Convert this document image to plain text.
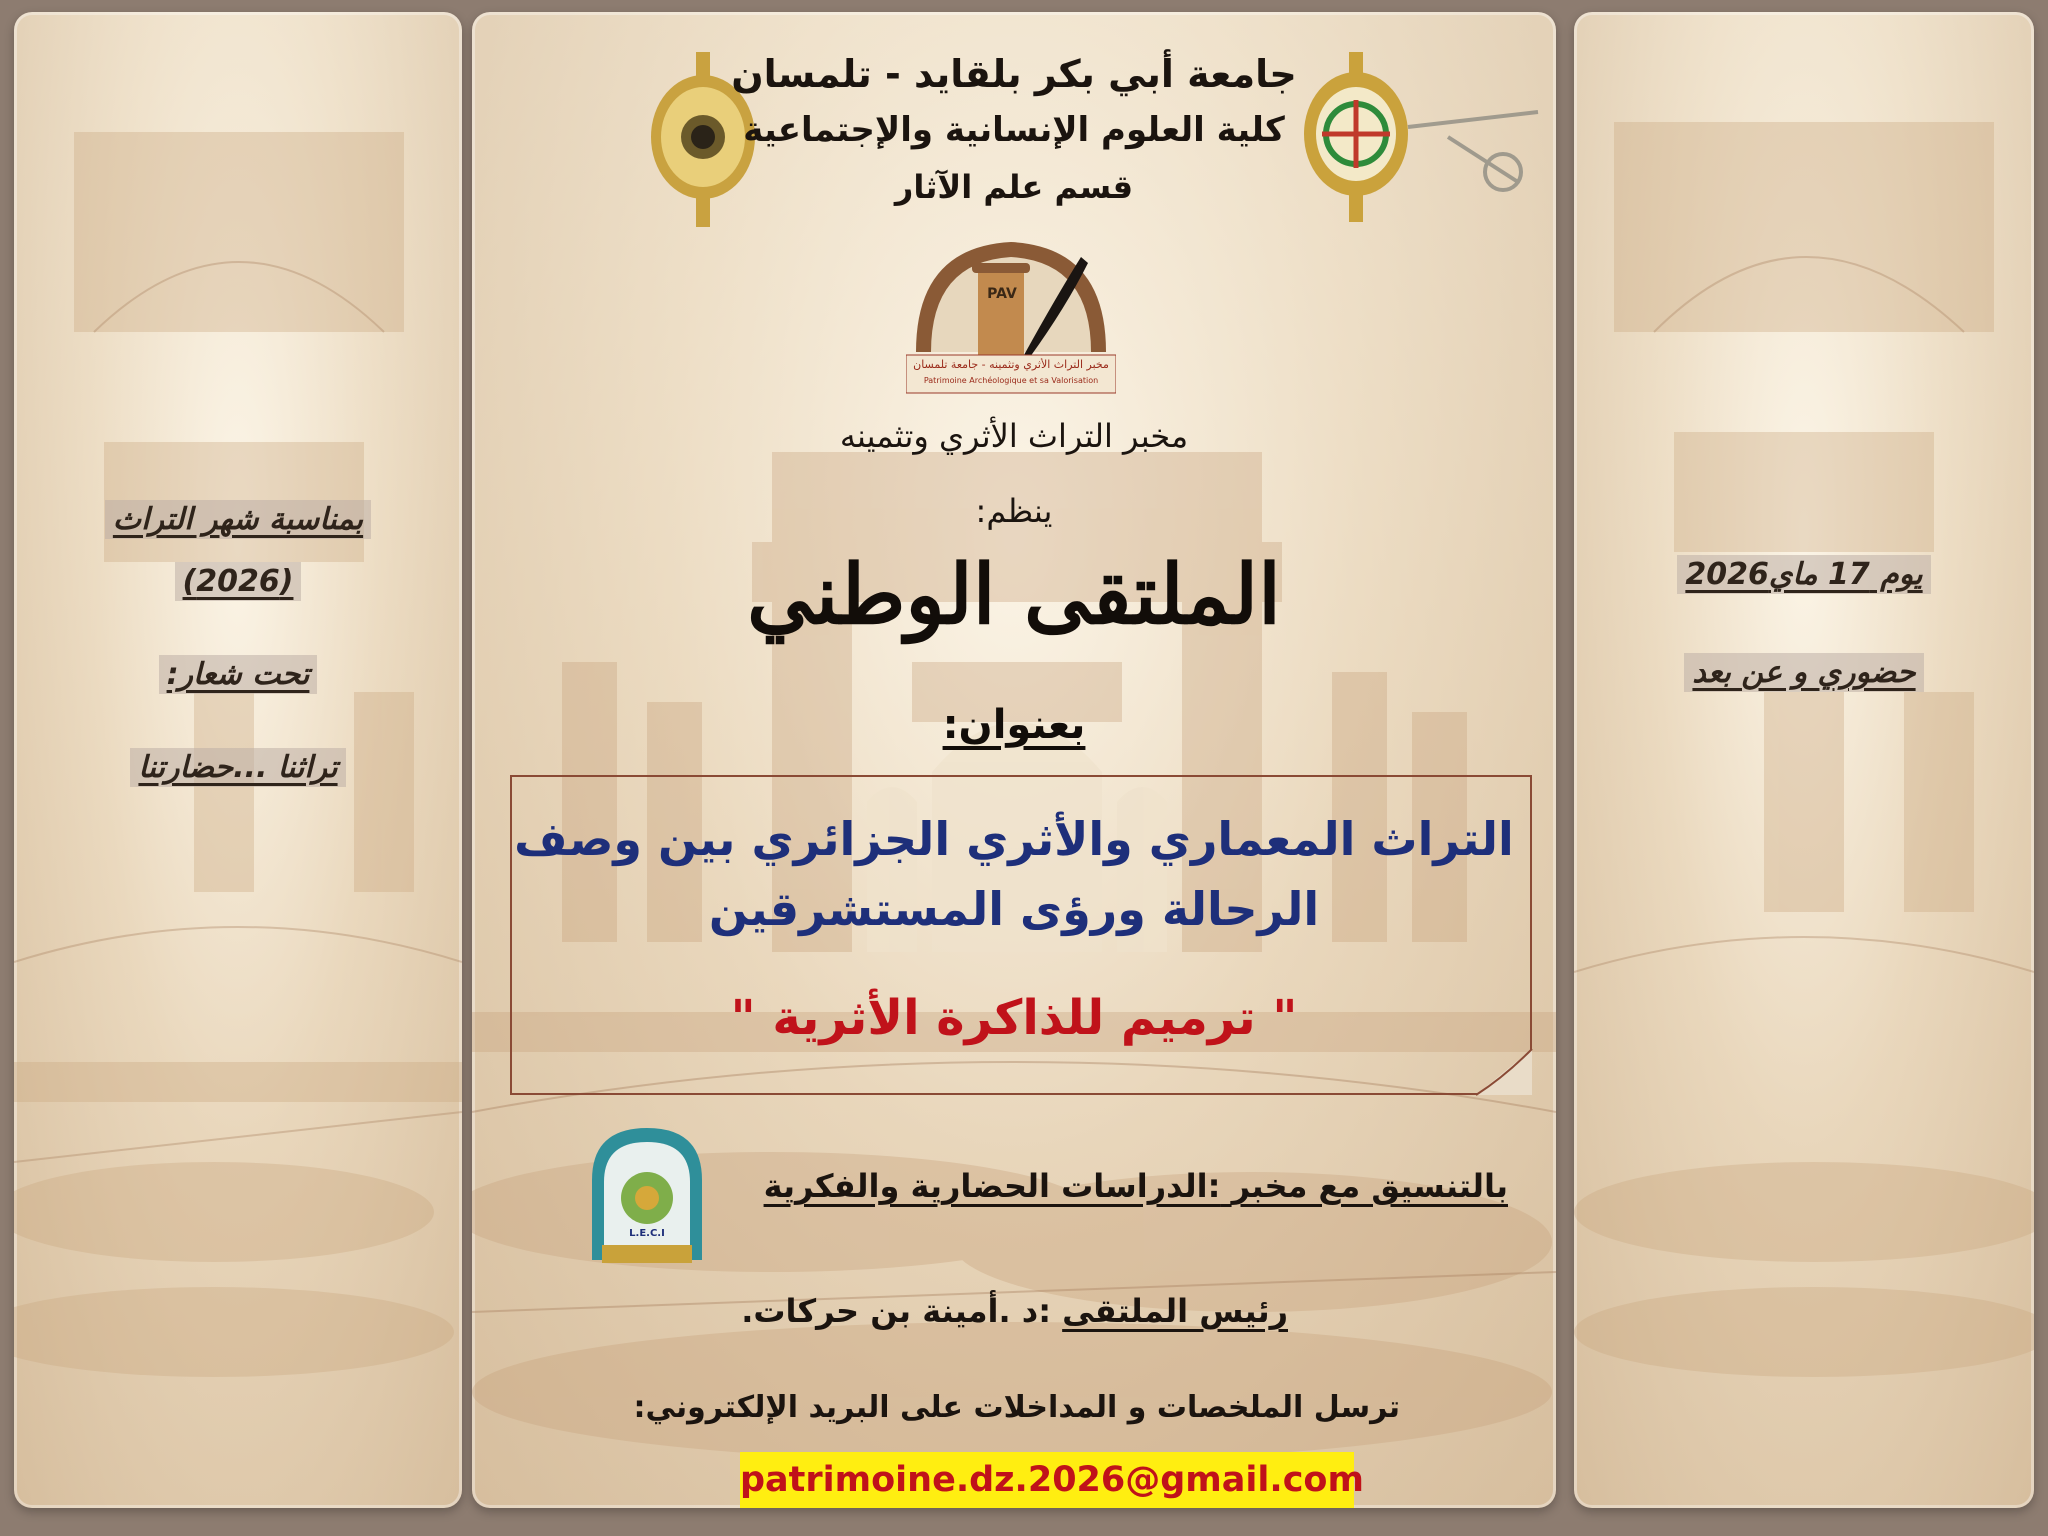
بمناسبة شهر التراث
(2026)
تحت شعار:
تراثنا ...حضارتنا
يوم 17 ماي2026
حضوري و عن بعد
جامعة أبي بكر بلقايد - تلمسان
كلية العلوم الإنسانية والإجتماعية
قسم علم الآثار
PAV
مخبر التراث الأثري وتثمينه - جامعة تلمسان
Patrimoine Archéologique et sa Valorisation
مخبر التراث الأثري وتثمينه
ينظم:
الملتقى الوطني
بعنوان:
التراث المعماري والأثري الجزائري بين وصف
الرحالة ورؤى المستشرقين
" ترميم للذاكرة الأثرية "
L.E.C.I
بالتنسيق مع مخبر :الدراسات الحضارية والفكرية
رئيس الملتقى :د .أمينة بن حركات.
ترسل الملخصات و المداخلات على البريد الإلكتروني:
patrimoine.dz.2026@gmail.com
